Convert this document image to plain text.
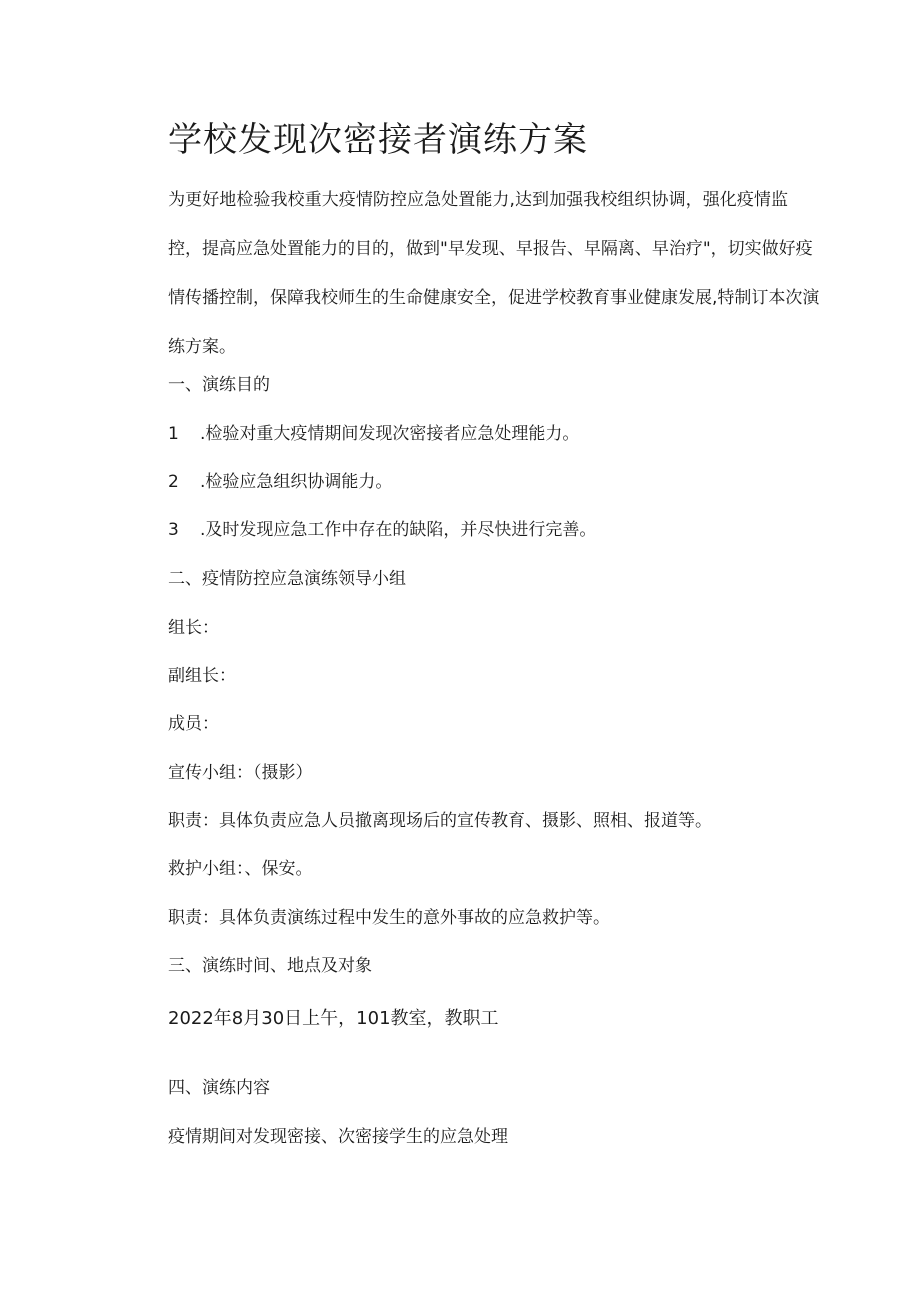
学校发现次密接者演练方案
为更好地检验我校重大疫情防控应急处置能力,达到加强我校组织协调，强化疫情监
控，提高应急处置能力的目的，做到"早发现、早报告、早隔离、早治疗"，切实做好疫
情传播控制，保障我校师生的生命健康安全，促进学校教育事业健康发展,特制订本次演
练方案。

一、演练目的

1 .检验对重大疫情期间发现次密接者应急处理能力。

2 .检验应急组织协调能力。

3 .及时发现应急工作中存在的缺陷，并尽快进行完善。

二、疫情防控应急演练领导小组

组长：

副组长：

成员：

宣传小组：（摄影）

职责：具体负责应急人员撤离现场后的宣传教育、摄影、照相、报道等。

救护小组：、保安。

职责：具体负责演练过程中发生的意外事故的应急救护等。

三、演练时间、地点及对象

2022年8月30日上午，101教室，教职工

四、演练内容

疫情期间对发现密接、次密接学生的应急处理
